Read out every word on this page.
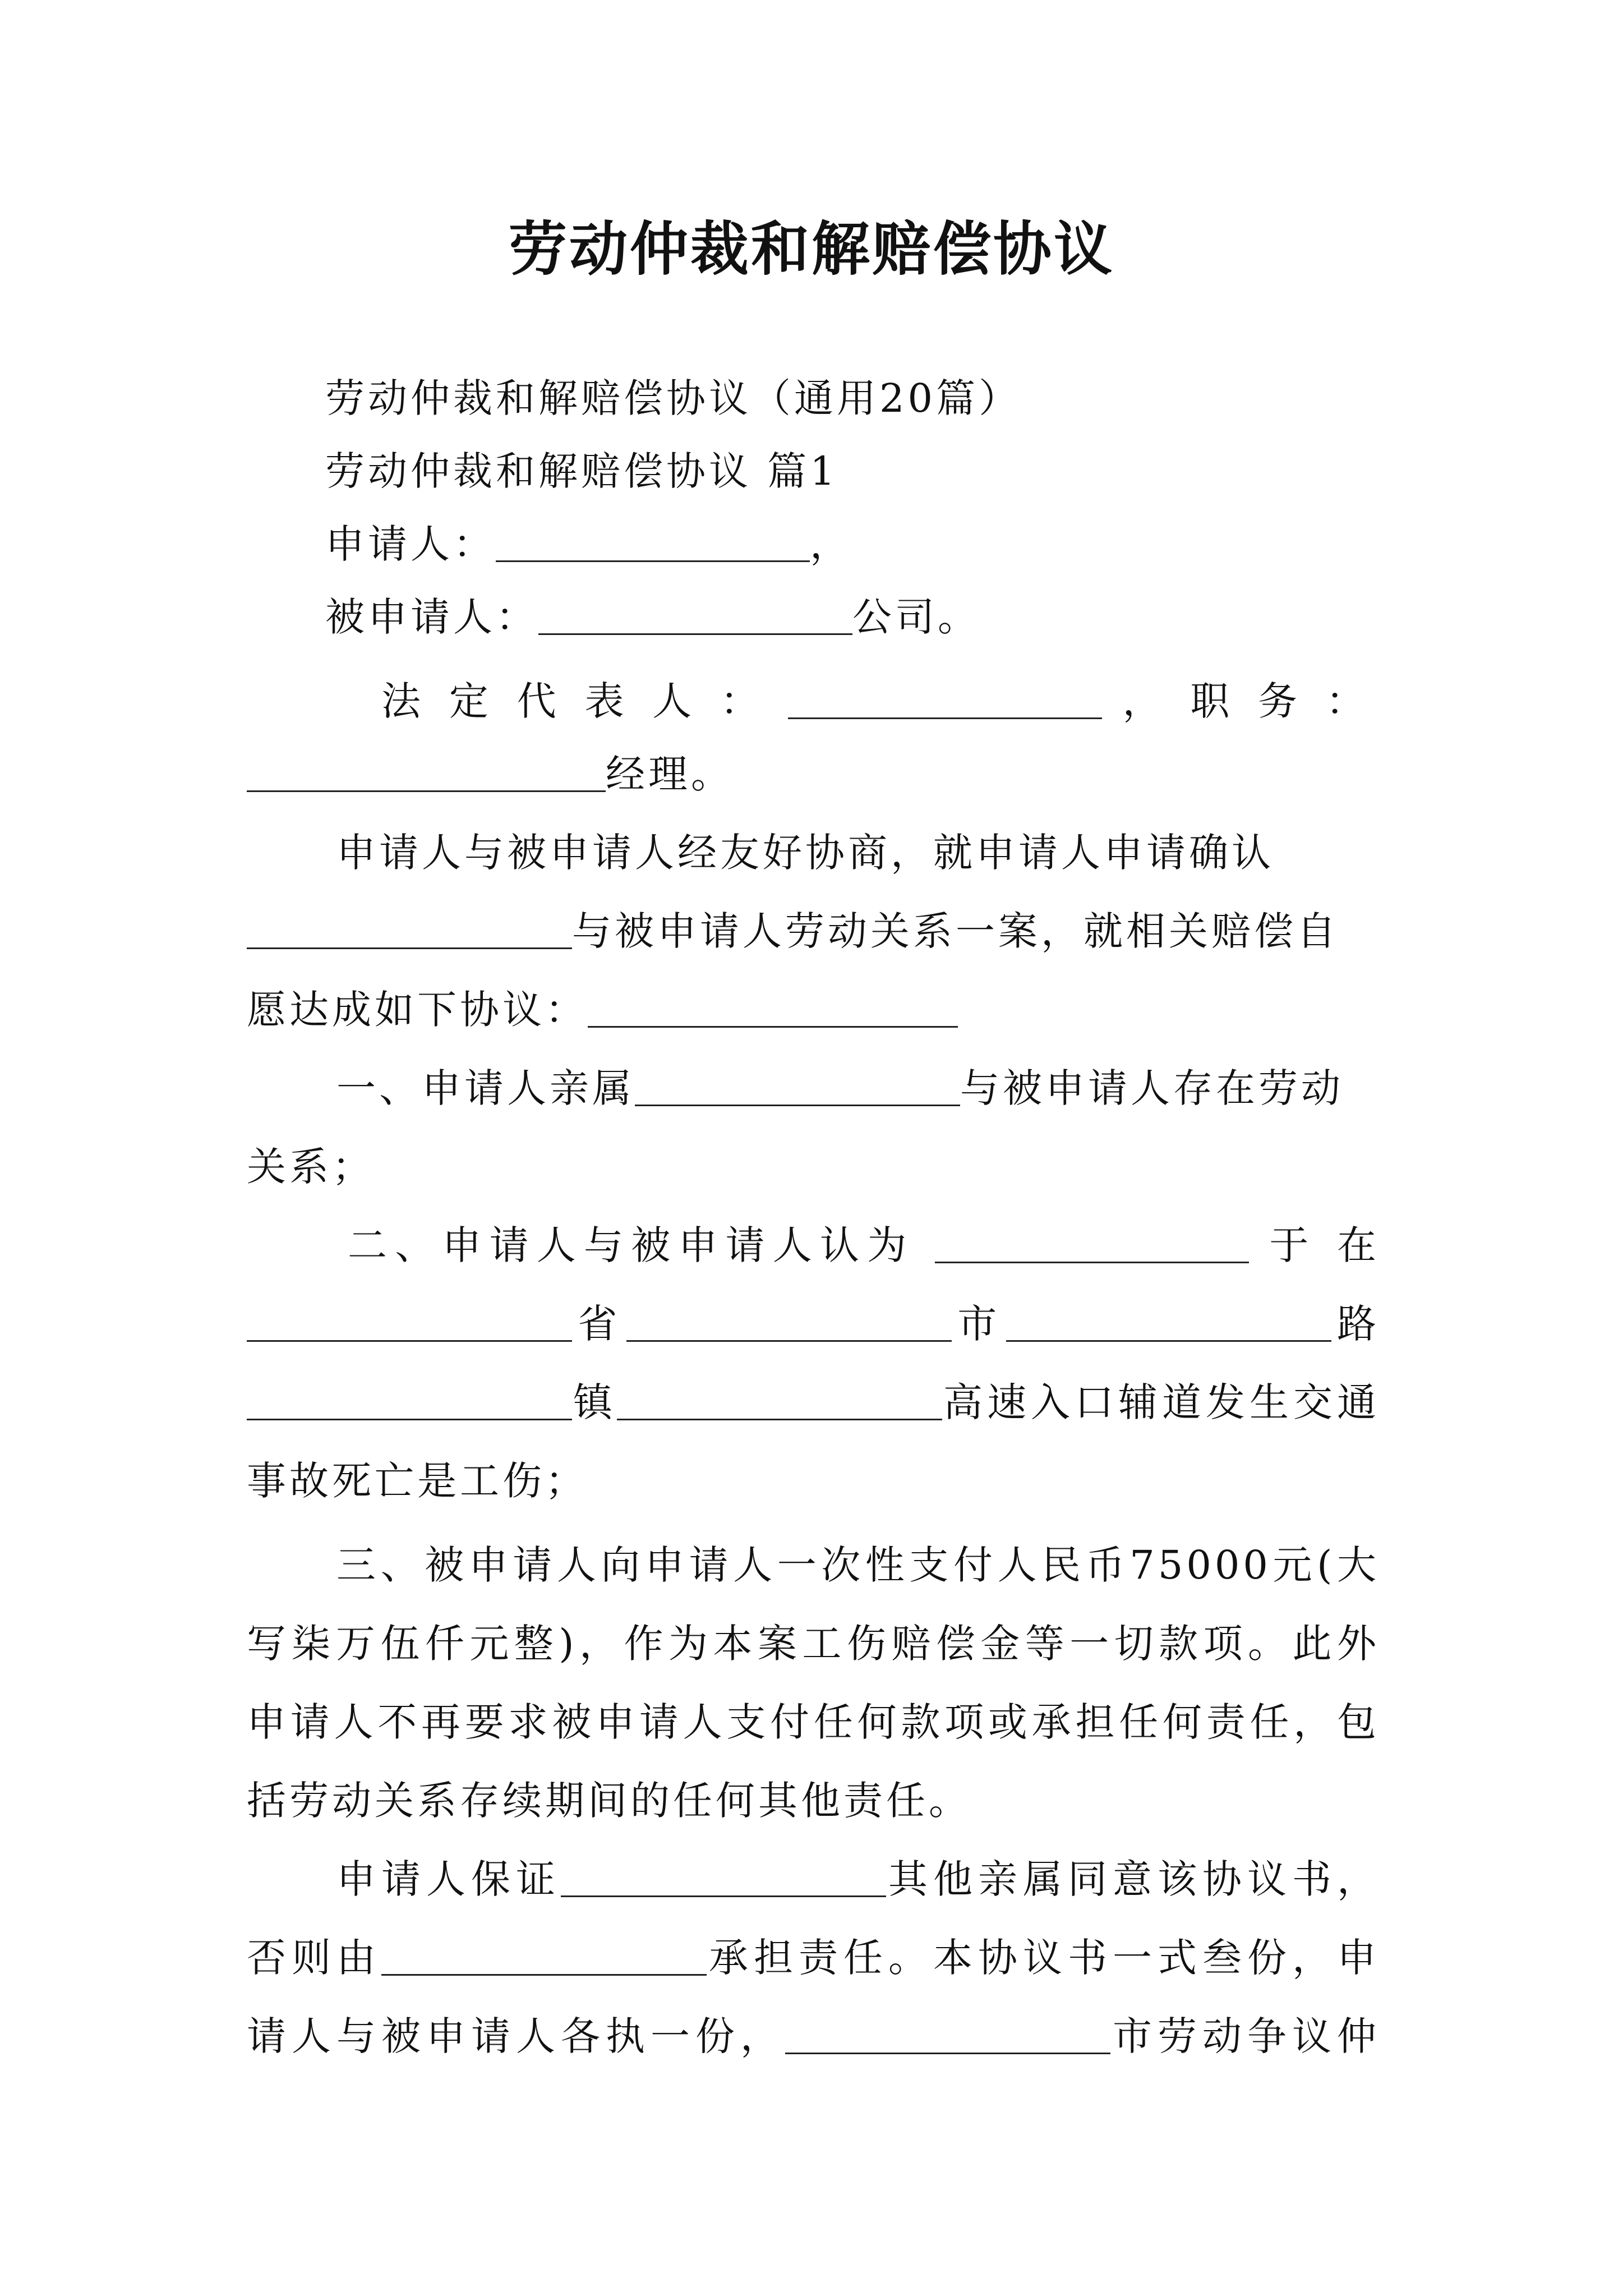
劳动仲裁和解赔偿协议
劳动仲裁和解赔偿协议（通用20篇）
劳动仲裁和解赔偿协议 篇1
申请人：	，
被申请人：	公司。
法 定 代 表 人 ：	， 职 务 ：
经理。
申请人与被申请人经友好协商，就申请人申请确认
与被申请人劳动关系一案，就相关赔偿自
愿达成如下协议：
一、申请人亲属	与被申请人存在劳动
关系；
二、申请人与被申请人认为	于 在
省	市	路
镇	高速入口辅道发生交通
事故死亡是工伤；
三、被申请人向申请人一次性支付人民币75000元(大
写柒万伍仟元整)，作为本案工伤赔偿金等一切款项。此外
申请人不再要求被申请人支付任何款项或承担任何责任，包
括劳动关系存续期间的任何其他责任。
申请人保证	其他亲属同意该协议书，
否则由	承担责任。本协议书一式叁份，申
请人与被申请人各执一份，	市劳动争议仲
